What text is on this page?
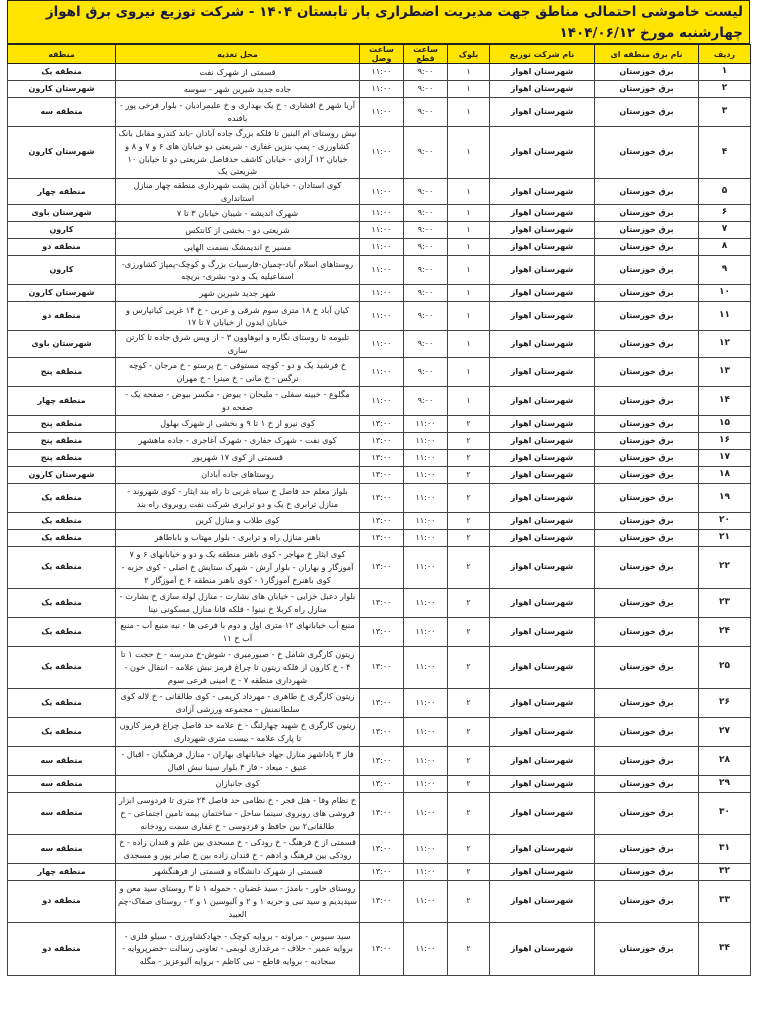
لیست خاموشی احتمالی مناطق جهت مدیریت اضطراری بار تابستان ۱۴۰۴ - شرکت توزیع نیروی برق اهواز
چهارشنبه مورخ ۱۴۰۴/۰۶/۱۲
ردیف	نام برق منطقه ای	نام شرکت توزیع	بلوک	ساعت قطع	ساعت وصل	محل تغذیه	منطقه
۱	برق خوزستان	شهرستان اهواز	۱	۹:۰۰	۱۱:۰۰	قسمتی از شهرک نفت	منطقه یک
۲	برق خوزستان	شهرستان اهواز	۱	۹:۰۰	۱۱:۰۰	جاده جدید شیرین شهر - سوسه	شهرستان کارون
۳	برق خوزستان	شهرستان اهواز	۱	۹:۰۰	۱۱:۰۰	آریا شهر خ افشاری - خ یک بهداری و خ علیمرادیان - بلوار فرخی پور - بافنده	منطقه سه
۴	برق خوزستان	شهرستان اهواز	۱	۹:۰۰	۱۱:۰۰	نیش روستای ام البنین تا فلکه بزرگ جاده آبادان -باند کندرو مقابل بانک کشاورزی - پمپ بنزین غفاری - شریعتی دو خیابان های ۶ و ۷ و ۸ و خیابان ۱۲ آزادی - خیابان کاشف حدفاصل شریعتی دو تا خیابان ۱۰ شریعتی یک	شهرستان کارون
۵	برق خوزستان	شهرستان اهواز	۱	۹:۰۰	۱۱:۰۰	کوی استادان - خیابان آذین پشت شهرداری منطقه چهار منازل استانداری	منطقه چهار
۶	برق خوزستان	شهرستان اهواز	۱	۹:۰۰	۱۱:۰۰	شهرک اندیشه - شیبان خیابان ۳ تا ۷	شهرستان باوی
۷	برق خوزستان	شهرستان اهواز	۱	۹:۰۰	۱۱:۰۰	شریعتی دو - بخشی از کانتکس	کارون
۸	برق خوزستان	شهرستان اهواز	۱	۹:۰۰	۱۱:۰۰	مسیر ج اندیمشک بسمت الهایی	منطقه دو
۹	برق خوزستان	شهرستان اهواز	۱	۹:۰۰	۱۱:۰۰	روستاهای اسلام آباد-چمیان-فارسیات بزرگ و کوچک-پمپاژ کشاورزی-اسماعیلیه یک و دو- بشری- بریچه	کارون
۱۰	برق خوزستان	شهرستان اهواز	۱	۹:۰۰	۱۱:۰۰	شهر جدید شیرین شهر	شهرستان کارون
۱۱	برق خوزستان	شهرستان اهواز	۱	۹:۰۰	۱۱:۰۰	کیان آباد خ ۱۸ متری سوم شرقی و غربی - خ ۱۴ غربی کیانپارس و خیابان ایدون از خیابان ۷ تا ۱۷	منطقه دو
۱۲	برق خوزستان	شهرستان اهواز	۱	۹:۰۰	۱۱:۰۰	تلبومه تا روستای نگاره و ابوهاوون ۳ - از ویس شرق جاده تا کارتن سازی	شهرستان باوی
۱۳	برق خوزستان	شهرستان اهواز	۱	۹:۰۰	۱۱:۰۰	خ فرشید یک و دو - کوچه مستوفی - خ پرستو - خ مرجان - کوچه نرگس - خ مانی - خ مینرا - خ مهران	منطقه پنج
۱۴	برق خوزستان	شهرستان اهواز	۱	۹:۰۰	۱۱:۰۰	مگلوع - خبینه سفلی - ملیحان - بیوض - مکسر بیوض - صفحه یک - صفحه دو	منطقه چهار
۱۵	برق خوزستان	شهرستان اهواز	۲	۱۱:۰۰	۱۳:۰۰	کوی نیرو از خ ۱ تا ۹ و بخشی از شهرک بهلول	منطقه پنج
۱۶	برق خوزستان	شهرستان اهواز	۲	۱۱:۰۰	۱۳:۰۰	کوی نفت - شهرک حفاری - شهرک آغاجری - جاده ماهشهر	منطقه پنج
۱۷	برق خوزستان	شهرستان اهواز	۲	۱۱:۰۰	۱۳:۰۰	قسمتی از کوی ۱۷ شهریور	منطقه پنج
۱۸	برق خوزستان	شهرستان اهواز	۲	۱۱:۰۰	۱۳:۰۰	روستاهای جاده آبادان	شهرستان کارون
۱۹	برق خوزستان	شهرستان اهواز	۲	۱۱:۰۰	۱۳:۰۰	بلوار معلم حد فاصل خ سیاه غربی تا راه بند ایثار - کوی شهروند - منازل ترابری خ یک و دو ترابری شرکت نفت روبروی راه بند	منطقه یک
۲۰	برق خوزستان	شهرستان اهواز	۲	۱۱:۰۰	۱۳:۰۰	کوی طلاب و منازل کرین	منطقه یک
۲۱	برق خوزستان	شهرستان اهواز	۲	۱۱:۰۰	۱۳:۰۰	باهنر منازل راه و ترابری - بلوار مهتاب و باباطاهر	منطقه یک
۲۲	برق خوزستان	شهرستان اهواز	۲	۱۱:۰۰	۱۳:۰۰	کوی ایثار خ مهاجر - کوی باهنر منطقه یک و دو و خیابانهای ۶ و ۷ آموزگار و بهاران - بلوار آرش - شهرک ستایش خ اصلی - کوی حزبه - کوی باهنرخ آموزگار۱ - کوی باهنر منطقه ۶ خ آموزگار ۲	منطقه یک
۲۳	برق خوزستان	شهرستان اهواز	۲	۱۱:۰۰	۱۳:۰۰	بلوار دعبل خزایی - خیابان های بشارت - منازل لوله سازی خ بشارت - منازل راه کربلا خ نینوا - فلکه قانا منازل مسکونی نینا	منطقه یک
۲۴	برق خوزستان	شهرستان اهواز	۲	۱۱:۰۰	۱۳:۰۰	منبع آب خیابانهای ۱۲ متری اول و دوم با فرعی ها - نبه منبع آب - منبع آب خ ۱۱	منطقه یک
۲۵	برق خوزستان	شهرستان اهواز	۲	۱۱:۰۰	۱۳:۰۰	زیتون کارگری شامل خ - صبورمیری - شوش-خ مدرسه - خ حجت ۱ تا ۴ - خ کارون از فلکه زیتون تا چراغ قرمز نبش علامه - انتقال خون - شهرداری منطقه ۷ - خ امینی فرعی سوم	منطقه یک
۲۶	برق خوزستان	شهرستان اهواز	۲	۱۱:۰۰	۱۳:۰۰	زیتون کارگری خ طاهری - مهرداد کریمی - کوی طالقانی - خ لاله کوی سلطانمنش - مجموعه ورزشی آزادی	منطقه یک
۲۷	برق خوزستان	شهرستان اهواز	۲	۱۱:۰۰	۱۳:۰۰	زیتون کارگری خ شهید چهارلنگ - خ علامه حد فاصل چراغ قرمز کارون تا پارک علامه - بیست متری شهرداری	منطقه یک
۲۸	برق خوزستان	شهرستان اهواز	۲	۱۱:۰۰	۱۳:۰۰	فاز ۳ پاداشهر منازل جهاد خیابانهای بهاران - منازل فرهنگیان - اقبال - عتیق - میعاد - فاز ۳ بلوار سینا نبش اقبال	منطقه سه
۲۹	برق خوزستان	شهرستان اهواز	۲	۱۱:۰۰	۱۳:۰۰	کوی جانبازان	منطقه سه
۳۰	برق خوزستان	شهرستان اهواز	۲	۱۱:۰۰	۱۳:۰۰	خ نظام وفا - هتل فجر - خ نظامی حد فاصل ۲۴ متری تا فردوسی ابزار فروشی های روبروی سینما ساحل - ساختمان بیمه تامین اجتماعی - خ طالقانی۲ بین حافظ و فردوسی - خ غفاری سمت رودخانه	منطقه سه
۳۱	برق خوزستان	شهرستان اهواز	۲	۱۱:۰۰	۱۳:۰۰	قسمتی از خ فرهنگ - خ رودکی - خ مسجدی بین علم و قندان زاده - خ رودکی بین فرهنگ و ادهم - خ قندان زاده بین خ صابر پور و مسجدی	منطقه سه
۳۲	برق خوزستان	شهرستان اهواز	۲	۱۱:۰۰	۱۳:۰۰	قسمتی از شهرک دانشگاه و قسمتی از فرهنگشهر	منطقه چهار
۳۳	برق خوزستان	شهرستان اهواز	۲	۱۱:۰۰	۱۳:۰۰	روستای خاور - بامدژ - سید غضبان - حموله ۱ تا ۳ روستای سید معن و سیدیدیم و سید نبی و حریه ۱ و ۲ و آلبوسین ۱ و ۲ - روستای صفاک-چم العبید	منطقه دو
۳۴	برق خوزستان	شهرستان اهواز	۲	۱۱:۰۰	۱۳:۰۰	سید سیوس - مراونه - بروایه کوچک - جهادکشاورزی - سیلو فلزی - بروایه عمیر - حلاف - مرغداری لوبمی - تعاونی رسالت -خضرپروایه - سجادیه - بروایه قاطع - نبی کاظم - بروایه آلبوعزیز - مگله	منطقه دو
